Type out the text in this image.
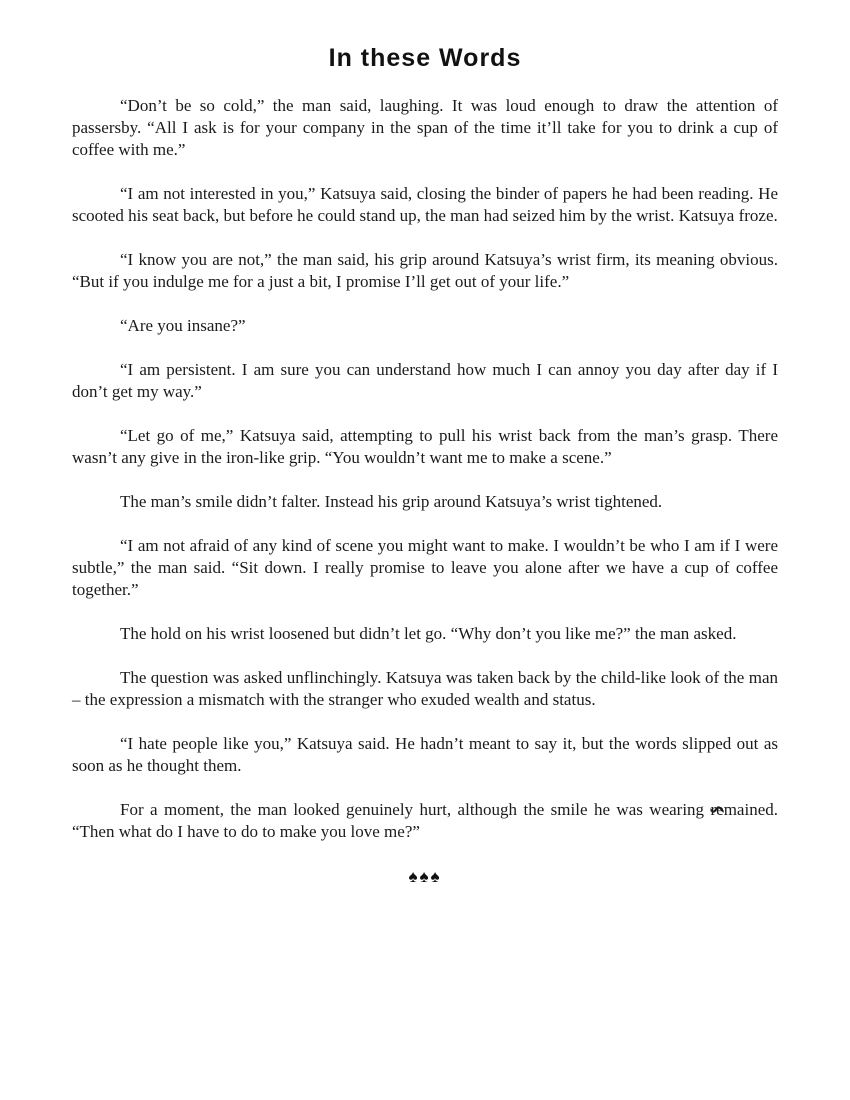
In these Words

“Don’t be so cold,” the man said, laughing. It was loud enough to draw the attention of passersby. “All I ask is for your company in the span of the time it’ll take for you to drink a cup of coffee with me.”

“I am not interested in you,” Katsuya said, closing the binder of papers he had been reading. He scooted his seat back, but before he could stand up, the man had seized him by the wrist. Katsuya froze.

“I know you are not,” the man said, his grip around Katsuya’s wrist firm, its meaning obvious. “But if you indulge me for a just a bit, I promise I’ll get out of your life.”

“Are you insane?”

“I am persistent. I am sure you can understand how much I can annoy you day after day if I don’t get my way.”

“Let go of me,” Katsuya said, attempting to pull his wrist back from the man’s grasp. There wasn’t any give in the iron-like grip. “You wouldn’t want me to make a scene.”

The man’s smile didn’t falter. Instead his grip around Katsuya’s wrist tightened.

“I am not afraid of any kind of scene you might want to make. I wouldn’t be who I am if I were subtle,” the man said. “Sit down. I really promise to leave you alone after we have a cup of coffee together.”

The hold on his wrist loosened but didn’t let go. “Why don’t you like me?” the man asked.

The question was asked unflinchingly. Katsuya was taken back by the child-like look of the man – the expression a mismatch with the stranger who exuded wealth and status.

“I hate people like you,” Katsuya said. He hadn’t meant to say it, but the words slipped out as soon as he thought them.

For a moment, the man looked genuinely hurt, although the smile he was wearing remained. “Then what do I have to do to make you love me?”

♠♠♠
